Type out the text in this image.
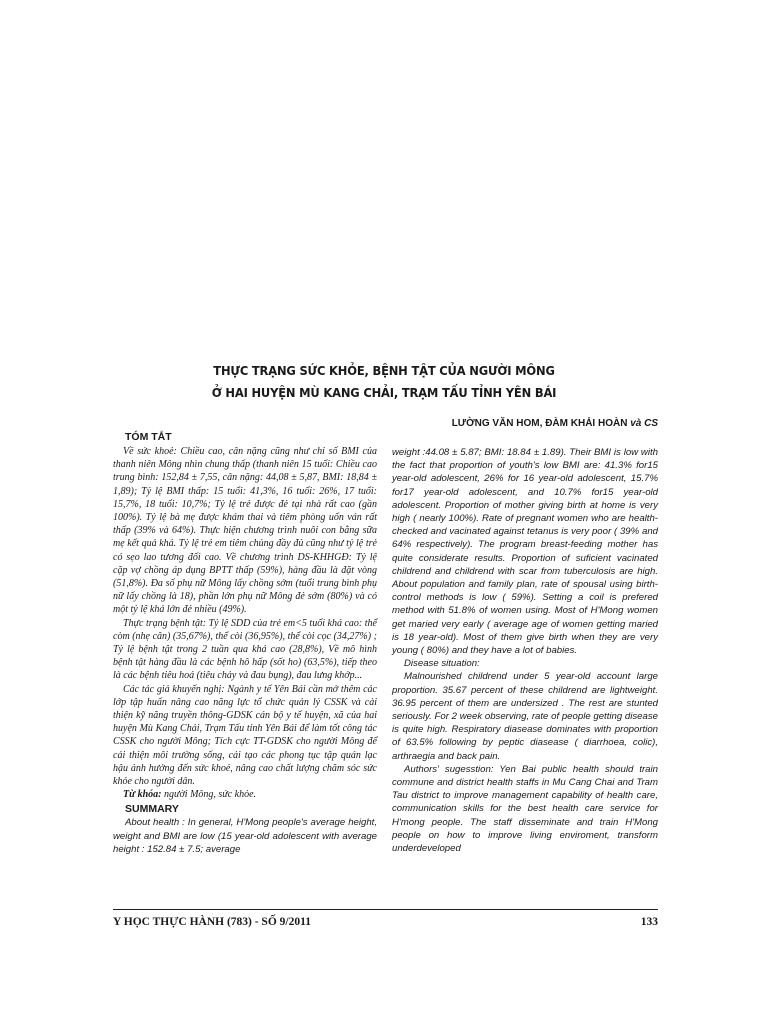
THỰC TRẠNG SỨC KHỎE, BỆNH TẬT CỦA NGƯỜI MÔNG
Ở HAI HUYỆN MÙ KANG CHẢI, TRẠM TẤU TỈNH YÊN BÁI
LƯỜNG VĂN HOM, ĐÀM KHẢI HOÀN và CS

TÓM TẮT

Về sức khoẻ: Chiều cao, cân nặng cũng như chỉ số BMI của thanh niên Mông nhìn chung thấp (thanh niên 15 tuổi: Chiều cao trung bình: 152,84 ± 7,55, cân nặng: 44,08 ± 5,87, BMI: 18,84 ± 1,89); Tỷ lệ BMI thấp: 15 tuổi: 41,3%, 16 tuổi: 26%, 17 tuổi: 15,7%, 18 tuổi: 10,7%; Tỷ lệ trẻ được đẻ tại nhà rất cao (gần 100%). Tỷ lệ bà mẹ được khám thai và tiêm phòng uốn ván rất thấp (39% và 64%). Thực hiện chương trình nuôi con bằng sữa mẹ kết quả khá. Tỷ lệ trẻ em tiêm chủng đầy đủ cũng như tỷ lệ trẻ có sẹo lao tương đối cao. Về chương trình DS-KHHGĐ: Tỷ lệ cặp vợ chồng áp dụng BPTT thấp (59%), hàng đầu là đặt vòng (51,8%). Đa số phụ nữ Mông lấy chồng sớm (tuổi trung bình phụ nữ lấy chồng là 18), phần lớn phụ nữ Mông đẻ sớm (80%) và có một tỷ lệ khá lớn đẻ nhiều (49%).

Thực trạng bệnh tật: Tỷ lệ SDD của trẻ em<5 tuổi khá cao: thể còm (nhẹ cân) (35,67%), thể còi (36,95%), thể còi cọc (34,27%) ; Tỷ lệ bệnh tật trong 2 tuần qua khá cao (28,8%), Về mô hình bệnh tật hàng đầu là các bệnh hô hấp (sốt ho) (63,5%), tiếp theo là các bệnh tiêu hoá (tiêu chảy và đau bụng), đau lưng khớp...

Các tác giả khuyến nghị: Ngành y tế Yên Bái cần mở thêm các lớp tập huấn nâng cao năng lực tổ chức quản lý CSSK và cải thiện kỹ năng truyền thông-GDSK cán bộ y tế huyện, xã của hai huyện Mù Kang Chải, Trạm Tấu tỉnh Yên Bái để làm tốt công tác CSSK cho người Mông; Tích cực TT-GDSK cho người Mông để cải thiện môi trường sống, cải tạo các phong tục tập quán lạc hậu ảnh hưởng đến sức khoẻ, nâng cao chất lượng chăm sóc sức khỏe cho người dân.

Từ khóa: người Mông, sức khỏe.

SUMMARY

About health : In general, H'Mong people's average height, weight and BMI are low (15 year-old adolescent with average height : 152.84 ± 7.5; average

weight :44.08 ± 5.87; BMI: 18.84 ± 1.89). Their BMI is low with the fact that proportion of youth's low BMI are: 41.3% for15 year-old adolescent, 26% for 16 year-old adolescent, 15.7% for17 year-old adolescent, and 10.7% for15 year-old adolescent. Proportion of mother giving birth at home is very high ( nearly 100%). Rate of pregnant women who are health-checked and vacinated against tetanus is very poor ( 39% and 64% respectively). The program breast-feeding mother has quite considerate results. Proportion of suficient vacinated childrend and childrend with scar from tuberculosis are high. About population and family plan, rate of spousal using birth-control methods is low ( 59%). Setting a coil is prefered method with 51.8% of women using. Most of H'Mong women get maried very early ( average age of women getting maried is 18 year-old). Most of them give birth when they are very young ( 80%) and they have a lot of babies.

Disease situation:

Malnourished childrend under 5 year-old account large proportion. 35.67 percent of these childrend are lightweight. 36.95 percent of them are undersized . The rest are stunted seriously. For 2 week observing, rate of people getting disease is quite high. Respiratory diasease dominates with proportion of 63.5% following by peptic diasease ( diarrhoea, colic), arthraegia and back pain.

Authors' sugesstion: Yen Bai public health should train commune and district health staffs in Mu Cang Chai and Tram Tau district to improve management capability of health care, communication skills for the best health care service for H'mong people. The staff disseminate and train H'Mong people on how to improve living enviroment, transform underdeveloped

Y HỌC THỰC HÀNH (783) - SỐ 9/2011	133
